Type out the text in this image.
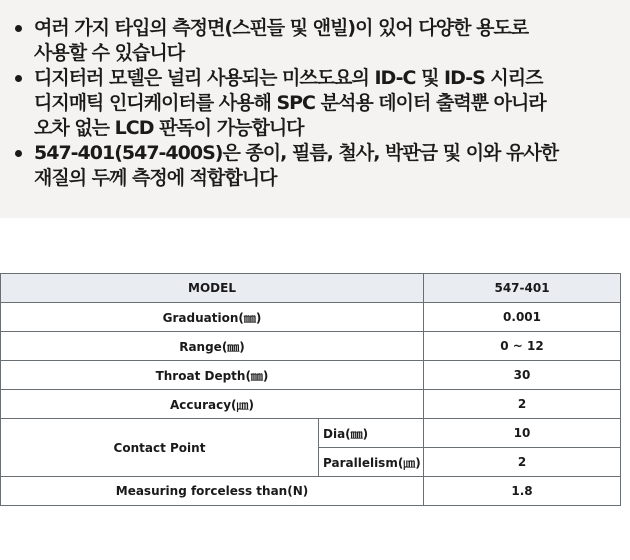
여러 가지 타입의 측정면(스핀들 및 앤빌)이 있어 다양한 용도로
사용할 수 있습니다
디지터러 모델은 널리 사용되는 미쓰도요의 ID-C 및 ID-S 시리즈
디지매틱 인디케이터를 사용해 SPC 분석용 데이터 출력뿐 아니라
오차 없는 LCD 판독이 가능합니다
547-401(547-400S)은 종이, 필름, 철사, 박판금 및 이와 유사한
재질의 두께 측정에 적합합니다
MODEL		547-401
Graduation(㎜)		0.001
Range(㎜)		0 ~ 12
Throat Depth(㎜)		30
Accuracy(㎛)		2
Contact Point	Dia(㎜)	10
	Parallelism(㎛)	2
Measuring forceless than(N)		1.8
